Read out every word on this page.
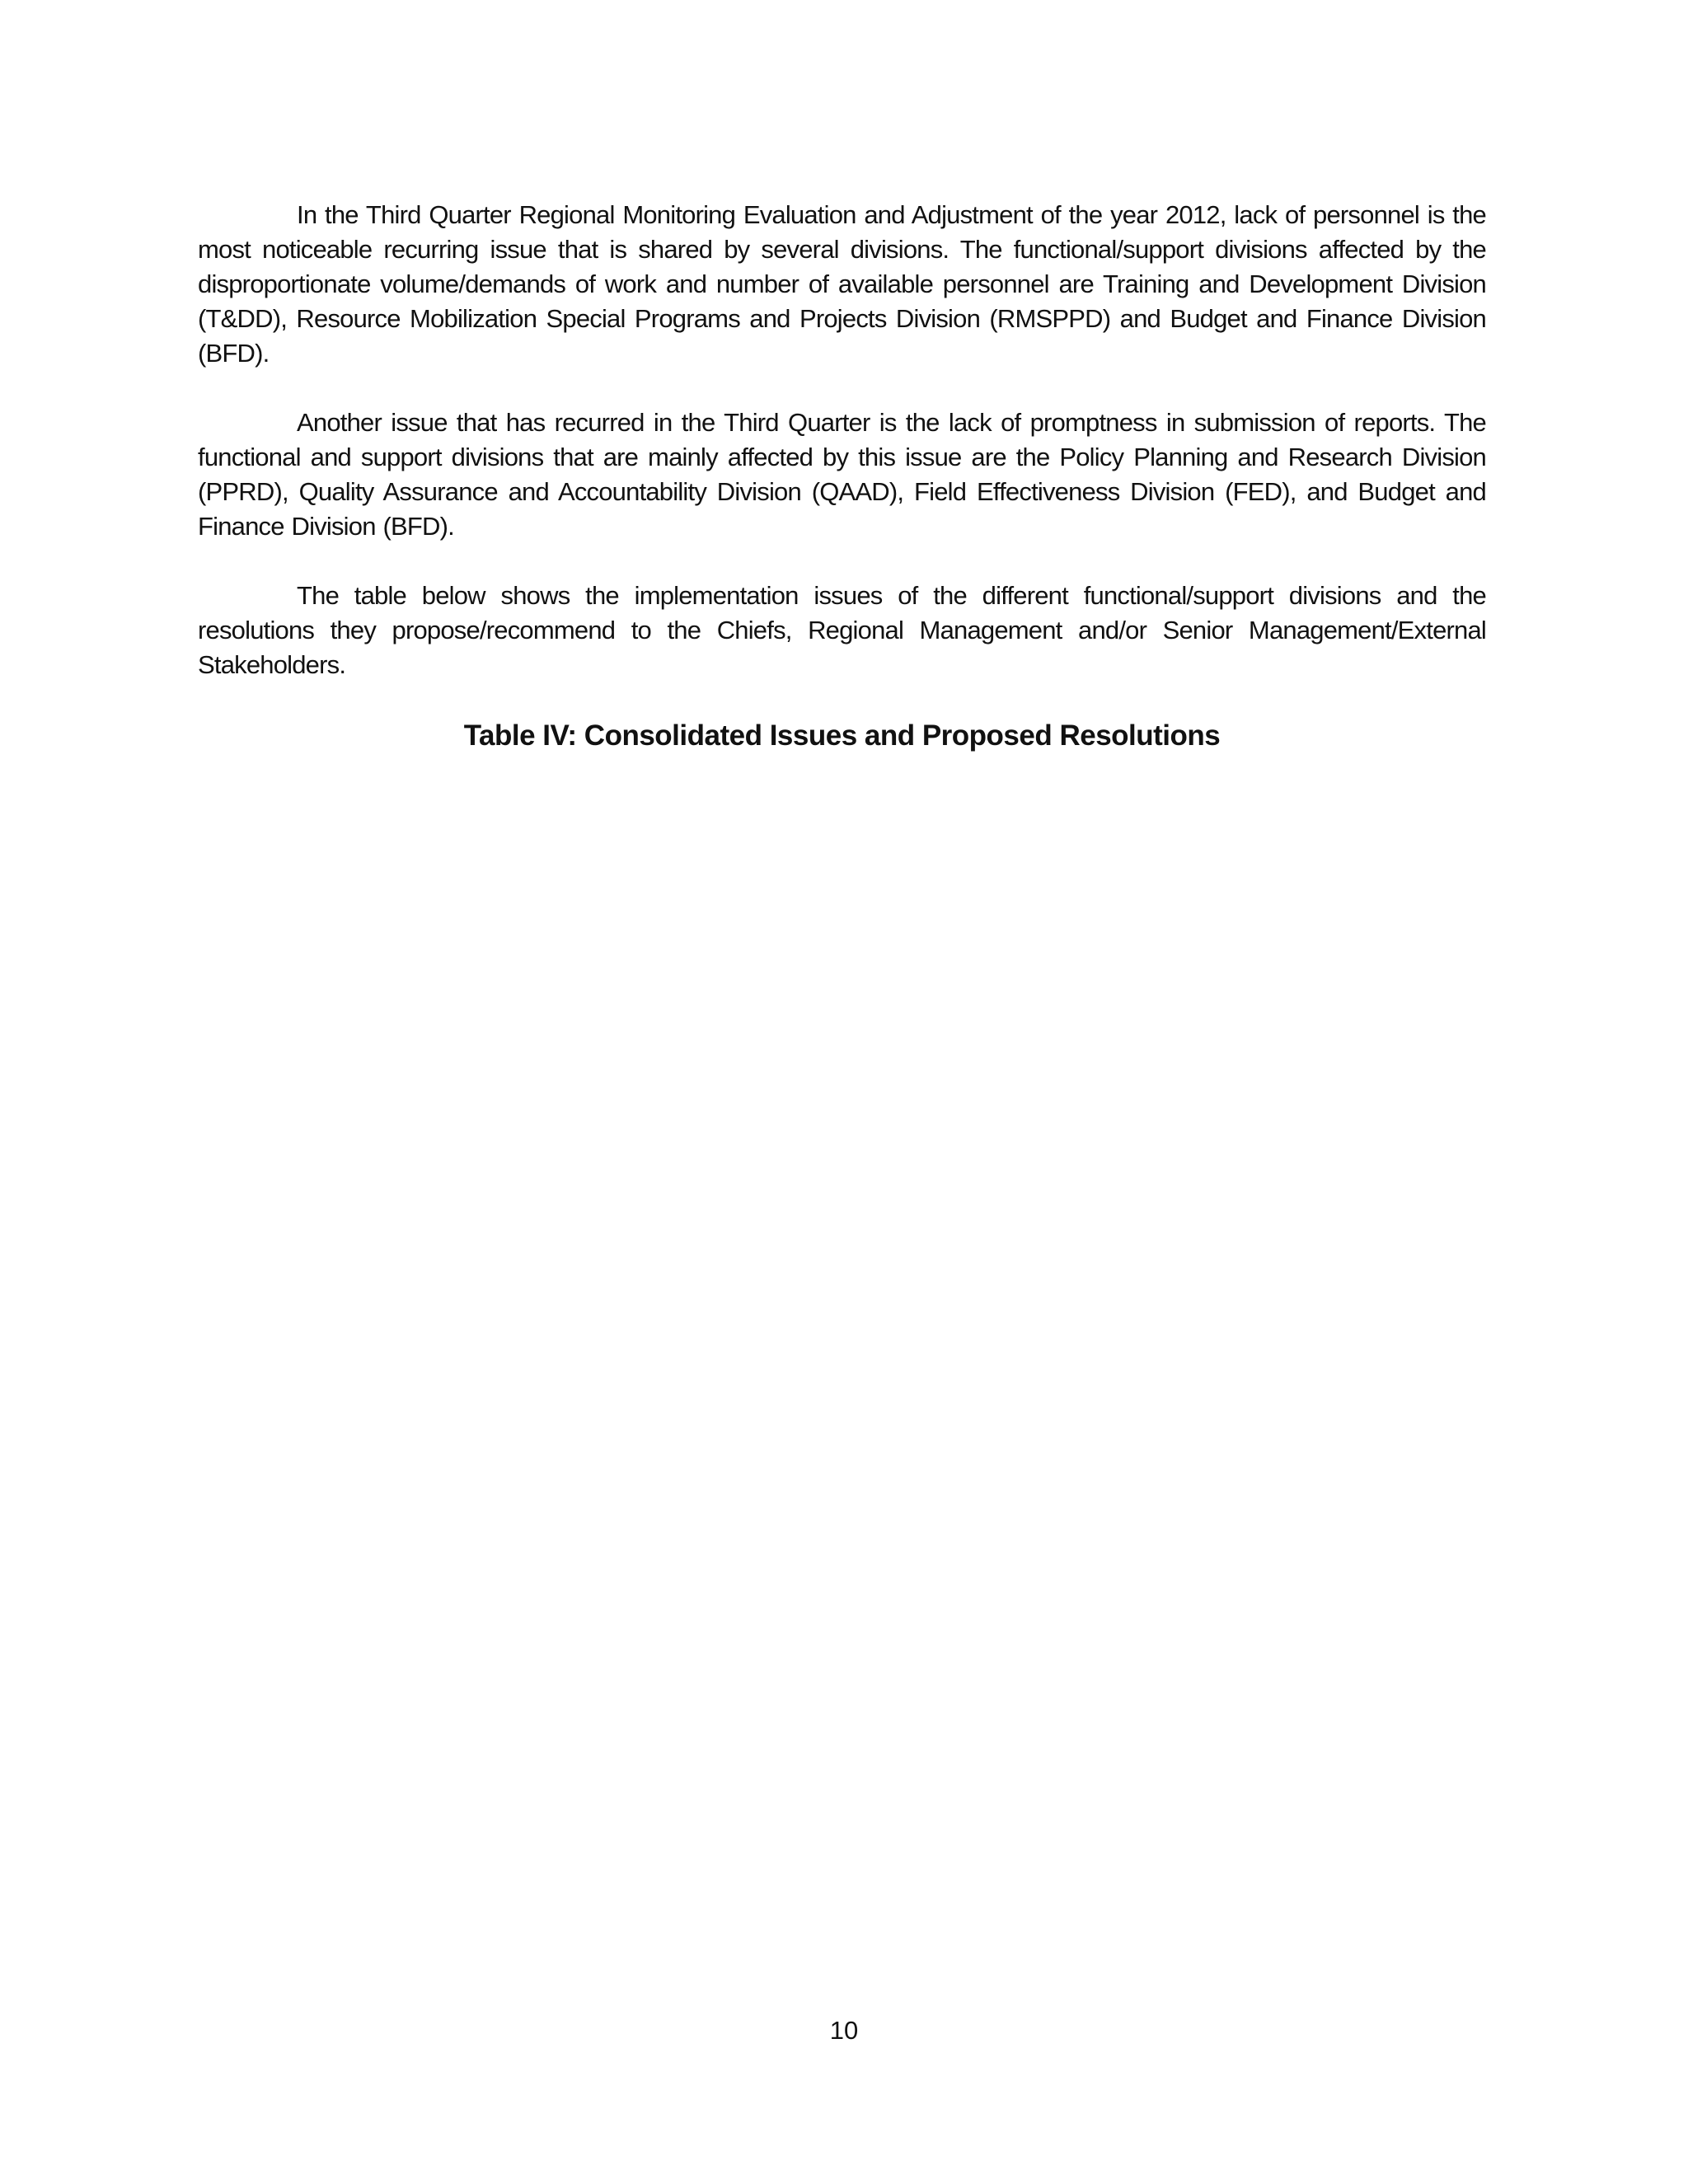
In the Third Quarter Regional Monitoring Evaluation and Adjustment of the year 2012, lack of personnel is the most noticeable recurring issue that is shared by several divisions. The functional/support divisions affected by the disproportionate volume/demands of work and number of available personnel are Training and Development Division (T&DD), Resource Mobilization Special Programs and Projects Division (RMSPPD) and Budget and Finance Division (BFD).

Another issue that has recurred in the Third Quarter is the lack of promptness in submission of reports. The functional and support divisions that are mainly affected by this issue are the Policy Planning and Research Division (PPRD), Quality Assurance and Accountability Division (QAAD), Field Effectiveness Division (FED), and Budget and Finance Division (BFD).

The table below shows the implementation issues of the different functional/support divisions and the resolutions they propose/recommend to the Chiefs, Regional Management and/or Senior Management/External Stakeholders.

Table IV: Consolidated Issues and Proposed Resolutions
10
